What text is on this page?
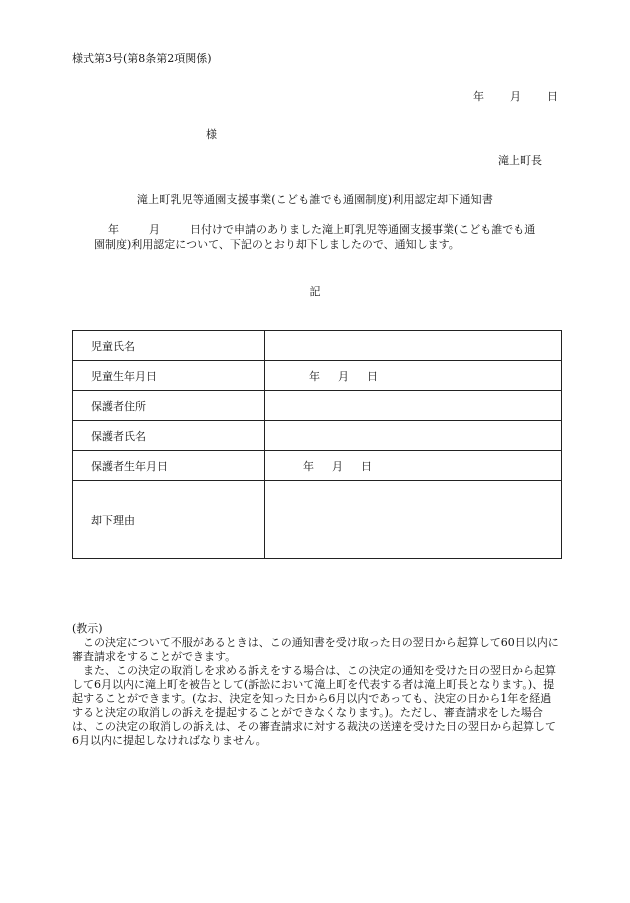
様式第3号(第8条第2項関係)
年 月 日
様
滝上町長
滝上町乳児等通園支援事業(こども誰でも通園制度)利用認定却下通知書
年	月	日付けで申請のありました滝上町乳児等通園支援事業(こども誰でも通
園制度)利用認定について、下記のとおり却下しましたので、通知します。
記
児童氏名	
児童生年月日	年 月 日
保護者住所	
保護者氏名	
保護者生年月日	年 月 日
却下理由	

(教示)

この決定について不服があるときは、この通知書を受け取った日の翌日から起算して60日以内に審査請求をすることができます。

また、この決定の取消しを求める訴えをする場合は、この決定の通知を受けた日の翌日から起算して6月以内に滝上町を被告として(訴訟において滝上町を代表する者は滝上町長となります。)、提起することができます。(なお、決定を知った日から6月以内であっても、決定の日から1年を経過すると決定の取消しの訴えを提起することができなくなります。)。ただし、審査請求をした場合は、この決定の取消しの訴えは、その審査請求に対する裁決の送達を受けた日の翌日から起算して6月以内に提起しなければなりません。
